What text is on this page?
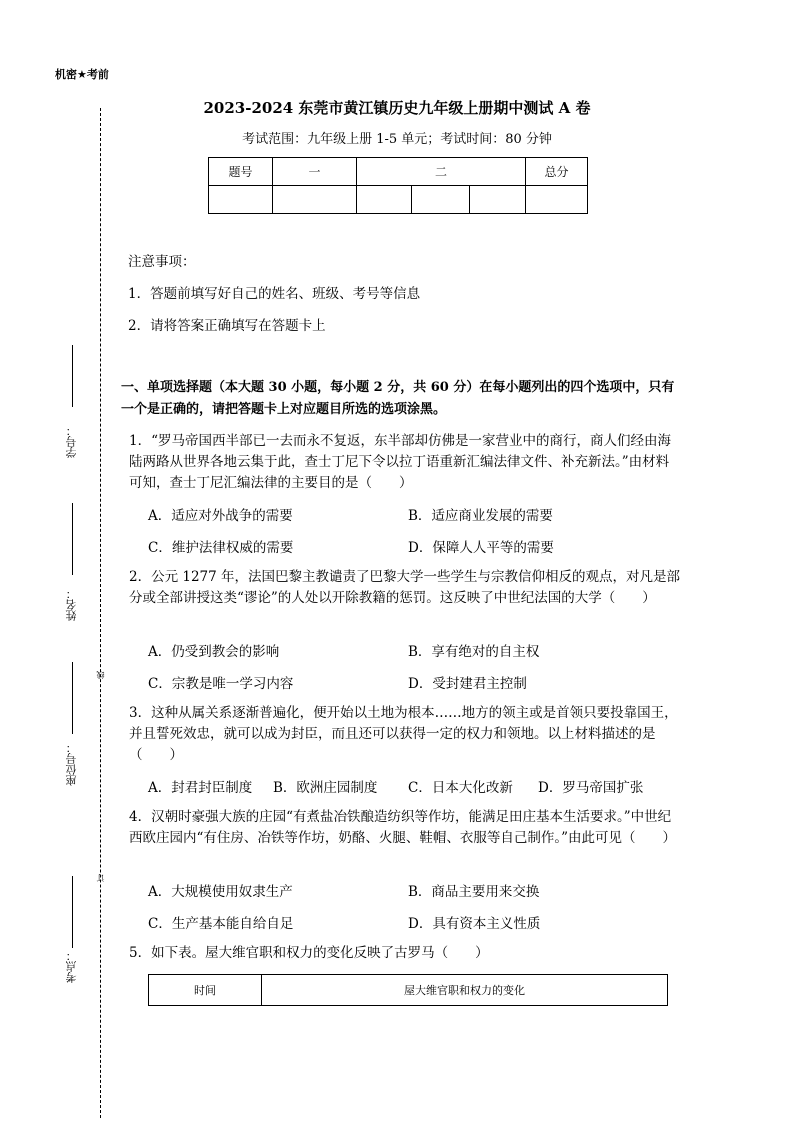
学号：
姓名：
线
座位号：
订
考点：
机密★考前
2023-2024 东莞市黄江镇历史九年级上册期中测试 A 卷
考试范围：九年级上册 1-5 单元；考试时间：80 分钟
题号	一	二			总分

注意事项：
1．答题前填写好自己的姓名、班级、考号等信息
2．请将答案正确填写在答题卡上
一、单项选择题（本大题 30 小题，每小题 2 分，共 60 分）在每小题列出的四个选项中，只有一个是正确的，请把答题卡上对应题目所选的选项涂黑。
1．“罗马帝国西半部已一去而永不复返，东半部却仿佛是一家营业中的商行，商人们经由海陆两路从世界各地云集于此，查士丁尼下令以拉丁语重新汇编法律文件、补充新法。”由材料可知，查士丁尼汇编法律的主要目的是（　　）
A．适应对外战争的需要	B．适应商业发展的需要
C．维护法律权威的需要	D．保障人人平等的需要
2．公元 1277 年，法国巴黎主教谴责了巴黎大学一些学生与宗教信仰相反的观点，对凡是部分或全部讲授这类“谬论”的人处以开除教籍的惩罚。这反映了中世纪法国的大学（　　）
A．仍受到教会的影响	B．享有绝对的自主权
C．宗教是唯一学习内容	D．受封建君主控制
3．这种从属关系逐渐普遍化，便开始以土地为根本……地方的领主或是首领只要投靠国王，并且誓死效忠，就可以成为封臣，而且还可以获得一定的权力和领地。以上材料描述的是（　　）
A．封君封臣制度 B．欧洲庄园制度 C．日本大化改新 D．罗马帝国扩张
4．汉朝时豪强大族的庄园“有煮盐冶铁酿造纺织等作坊，能满足田庄基本生活要求。”中世纪西欧庄园内“有住房、冶铁等作坊，奶酪、火腿、鞋帽、衣服等自己制作。”由此可见（　　）
A．大规模使用奴隶生产	B．商品主要用来交换
C．生产基本能自给自足	D．具有资本主义性质
5．如下表。屋大维官职和权力的变化反映了古罗马（　　）
时间	屋大维官职和权力的变化
